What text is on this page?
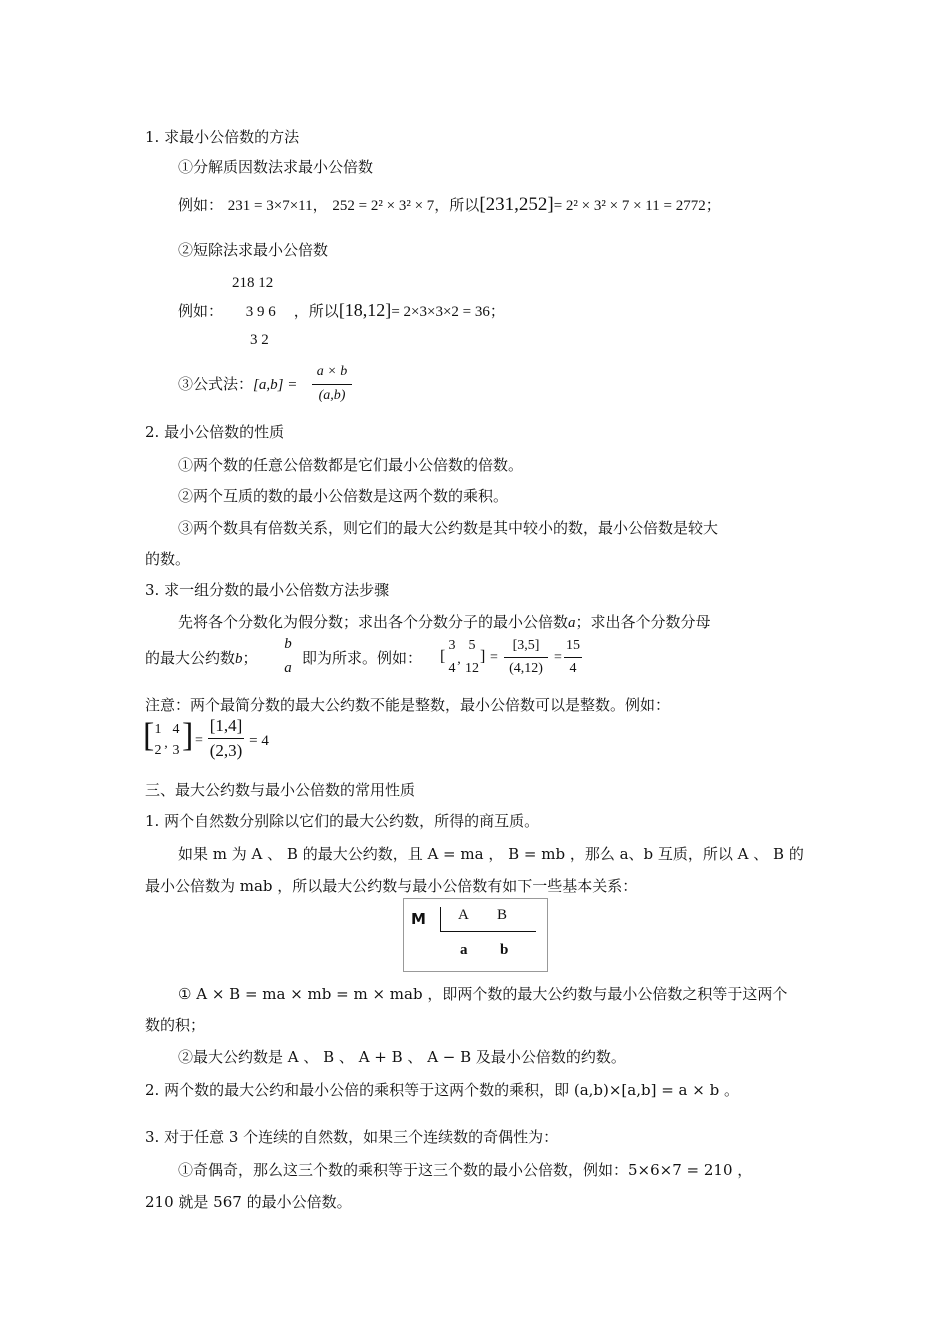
1. 求最小公倍数的方法
①分解质因数法求最小公倍数
例如： 231 = 3×7×11， 252 = 2² × 3² × 7，所以[231,252]= 2² × 3² × 7 × 11 = 2772；
②短除法求最小公倍数
218 12
例如： 3 9 6 ，所以[18,12]= 2×3×3×2 = 36；
3 2
③公式法：[a,b] =
a × b
(a,b)
2. 最小公倍数的性质
①两个数的任意公倍数都是它们最小公倍数的倍数。
②两个互质的数的最小公倍数是这两个数的乘积。
③两个数具有倍数关系，则它们的最大公约数是其中较小的数，最小公倍数是较大
的数。
3. 求一组分数的最小公倍数方法步骤
先将各个分数化为假分数；求出各个分数分子的最小公倍数a；求出各个分数分母
的最大公约数b；
b
a
即为所求。例如： [
3
4
,
5
12
] =
[3,5]
(4,12)
=
15
4
注意：两个最简分数的最大公约数不能是整数，最小公倍数可以是整数。例如：
[ 1
2 ,
4
3 ] =
[1,4]
(2,3) = 4
三、最大公约数与最小公倍数的常用性质
1. 两个自然数分别除以它们的最大公约数，所得的商互质。
如果 m 为 A 、 B 的最大公约数，且 A = ma ， B = mb ，那么 a、b 互质，所以 A 、 B 的
最小公倍数为 mab ，所以最大公约数与最小公倍数有如下一些基本关系：
M A B
a b
① A × B = ma × mb = m × mab ，即两个数的最大公约数与最小公倍数之积等于这两个
数的积；
②最大公约数是 A 、 B 、 A + B 、 A − B 及最小公倍数的约数。
2. 两个数的最大公约和最小公倍的乘积等于这两个数的乘积，即 (a,b)×[a,b] = a × b 。
3. 对于任意 3 个连续的自然数，如果三个连续数的奇偶性为：
①奇偶奇，那么这三个数的乘积等于这三个数的最小公倍数，例如：5×6×7 = 210 ，
210 就是 567 的最小公倍数。
